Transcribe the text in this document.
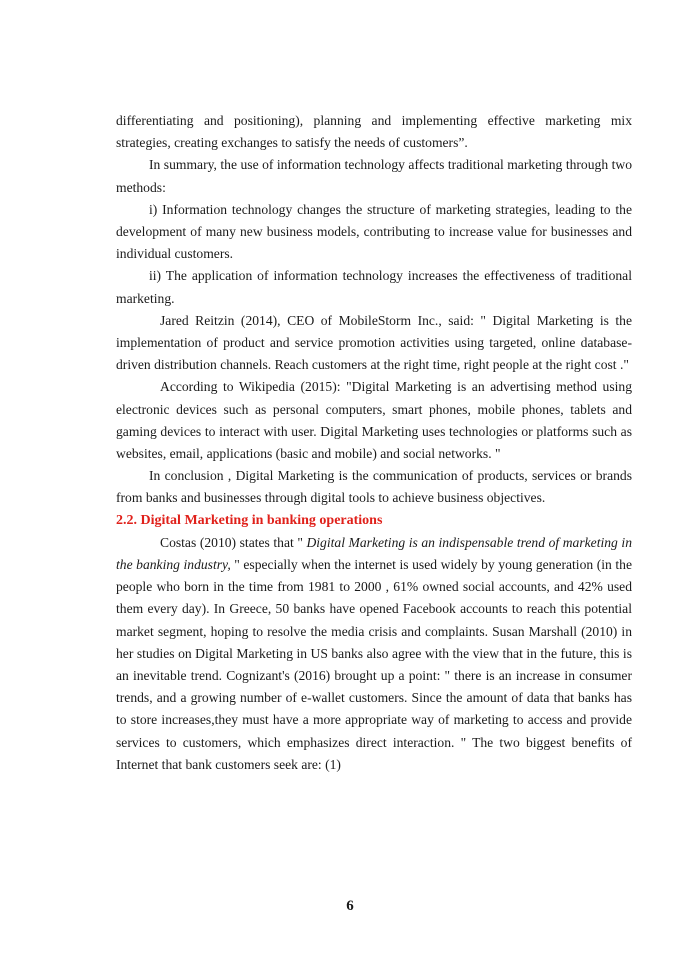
differentiating and positioning), planning and implementing effective marketing mix strategies, creating exchanges to satisfy the needs of customers”.

In summary, the use of information technology affects traditional marketing through two methods:

i) Information technology changes the structure of marketing strategies, leading to the development of many new business models, contributing to increase value for businesses and individual customers.

ii) The application of information technology increases the effectiveness of traditional marketing.

Jared Reitzin (2014), CEO of MobileStorm Inc., said: " Digital Marketing is the implementation of product and service promotion activities using targeted, online database-driven distribution channels. Reach customers at the right time, right people at the right cost ."

According to Wikipedia (2015): "Digital Marketing is an advertising method using electronic devices such as personal computers, smart phones, mobile phones, tablets and gaming devices to interact with user. Digital Marketing uses technologies or platforms such as websites, email, applications (basic and mobile) and social networks. "

In conclusion , Digital Marketing is the communication of products, services or brands from banks and businesses through digital tools to achieve business objectives.

2.2. Digital Marketing in banking operations

Costas (2010) states that " Digital Marketing is an indispensable trend of marketing in the banking industry, " especially when the internet is used widely by young generation (in the people who born in the time from 1981 to 2000 , 61% owned social accounts, and 42% used them every day). In Greece, 50 banks have opened Facebook accounts to reach this potential market segment, hoping to resolve the media crisis and complaints. Susan Marshall (2010) in her studies on Digital Marketing in US banks also agree with the view that in the future, this is an inevitable trend. Cognizant's (2016) brought up a point: " there is an increase in consumer trends, and a growing number of e-wallet customers. Since the amount of data that banks has to store increases,they must have a more appropriate way of marketing to access and provide services to customers, which emphasizes direct interaction. " The two biggest benefits of Internet that bank customers seek are: (1)

6
